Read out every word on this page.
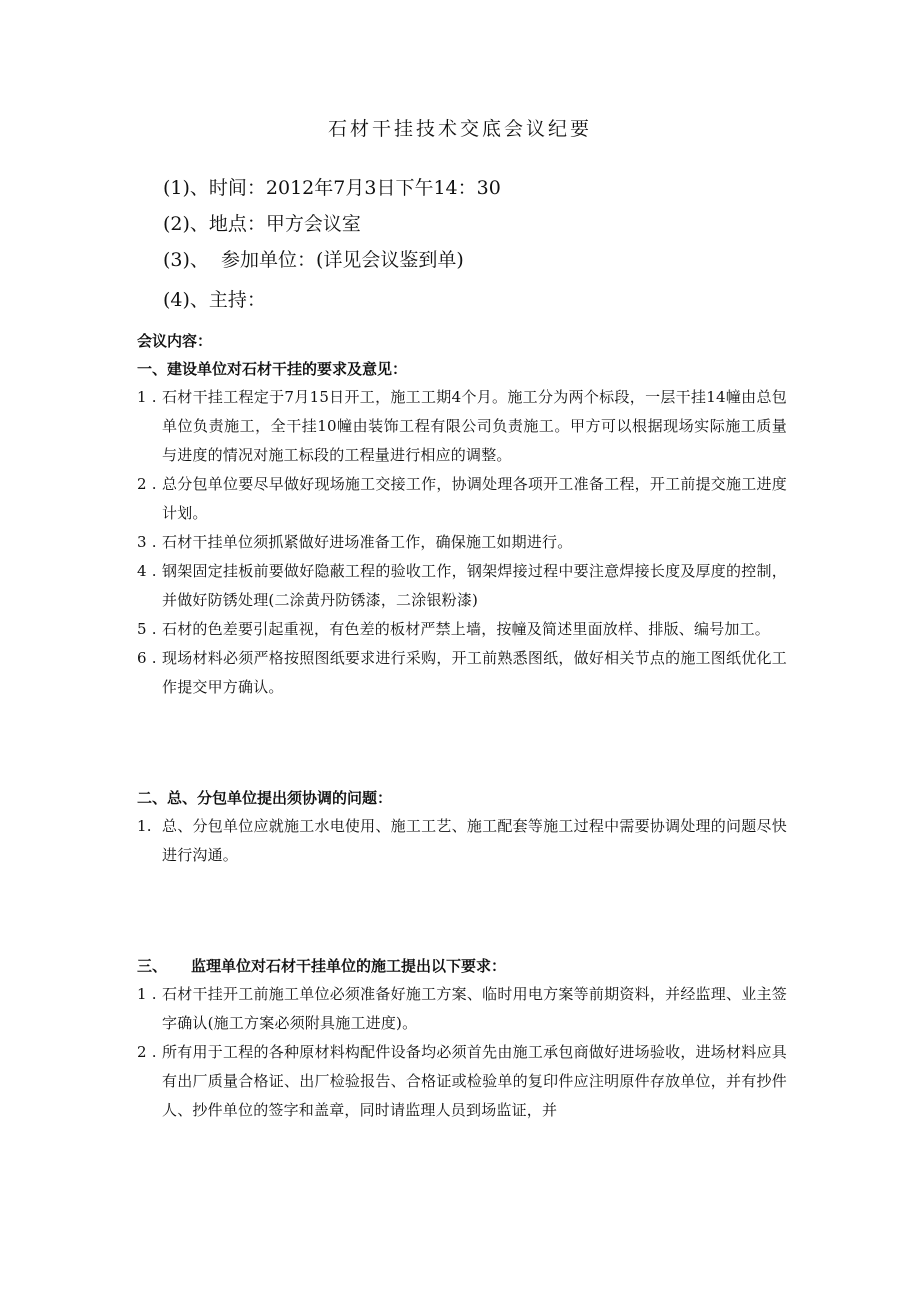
石材干挂技术交底会议纪要
(1)、时间：2012年7月3日下午14：30
(2)、地点：甲方会议室
(3)、  参加单位：(详见会议鉴到单)
(4)、主持：
会议内容：
一、建设单位对石材干挂的要求及意见：
1 . 石材干挂工程定于7月15日开工，施工工期4个月。施工分为两个标段，一层干挂14幢由总包单位负责施工，全干挂10幢由装饰工程有限公司负责施工。甲方可以根据现场实际施工质量与进度的情况对施工标段的工程量进行相应的调整。
2 . 总分包单位要尽早做好现场施工交接工作，协调处理各项开工准备工程，开工前提交施工进度计划。
3 . 石材干挂单位须抓紧做好进场准备工作，确保施工如期进行。
4 . 钢架固定挂板前要做好隐蔽工程的验收工作，钢架焊接过程中要注意焊接长度及厚度的控制，并做好防锈处理(二涂黄丹防锈漆，二涂银粉漆)
5 . 石材的色差要引起重视，有色差的板材严禁上墙，按幢及简述里面放样、排版、编号加工。
6 . 现场材料必须严格按照图纸要求进行采购，开工前熟悉图纸，做好相关节点的施工图纸优化工作提交甲方确认。
二、总、分包单位提出须协调的问题：
1. 总、分包单位应就施工水电使用、施工工艺、施工配套等施工过程中需要协调处理的问题尽快进行沟通。
三、 监理单位对石材干挂单位的施工提出以下要求：
1 . 石材干挂开工前施工单位必须准备好施工方案、临时用电方案等前期资料，并经监理、业主签字确认(施工方案必须附具施工进度)。
2 . 所有用于工程的各种原材料构配件设备均必须首先由施工承包商做好进场验收，进场材料应具有出厂质量合格证、出厂检验报告、合格证或检验单的复印件应注明原件存放单位，并有抄件人、抄件单位的签字和盖章，同时请监理人员到场监证，并
